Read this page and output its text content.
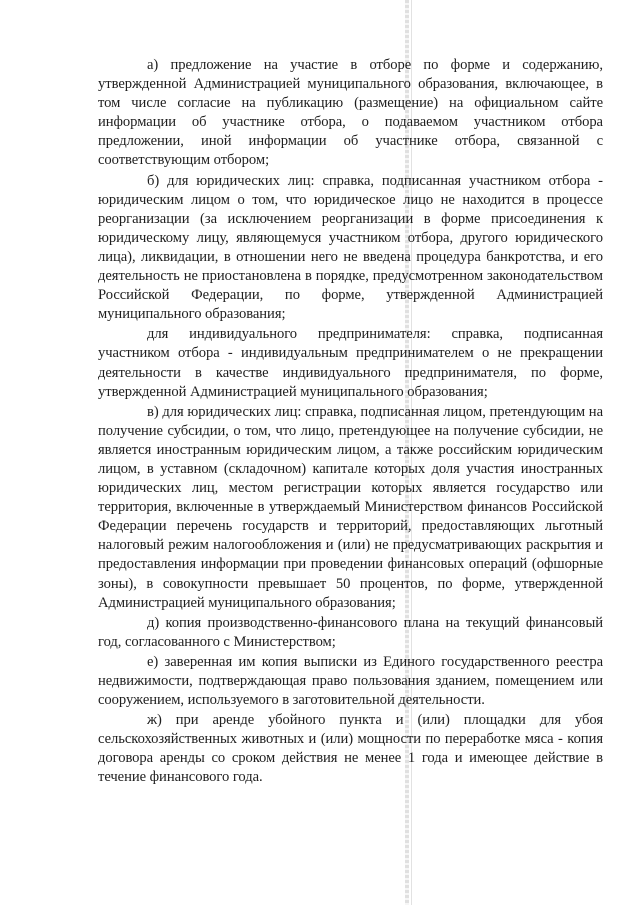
а) предложение на участие в отборе по форме и содержанию, утвержденной Администрацией муниципального образования, включающее, в том числе согласие на публикацию (размещение) на официальном сайте информации об участнике отбора, о подаваемом участником отбора предложении, иной информации об участнике отбора, связанной с соответствующим отбором;

б) для юридических лиц: справка, подписанная участником отбора - юридическим лицом о том, что юридическое лицо не находится в процессе реорганизации (за исключением реорганизации в форме присоединения к юридическому лицу, являющемуся участником отбора, другого юридического лица), ликвидации, в отношении него не введена процедура банкротства, и его деятельность не приостановлена в порядке, предусмотренном законодательством Российской Федерации, по форме, утвержденной Администрацией муниципального образования;

для индивидуального предпринимателя: справка, подписанная участником отбора - индивидуальным предпринимателем о не прекращении деятельности в качестве индивидуального предпринимателя, по форме, утвержденной Администрацией муниципального образования;

в) для юридических лиц: справка, подписанная лицом, претендующим на получение субсидии, о том, что лицо, претендующее на получение субсидии, не является иностранным юридическим лицом, а также российским юридическим лицом, в уставном (складочном) капитале которых доля участия иностранных юридических лиц, местом регистрации которых является государство или территория, включенные в утверждаемый Министерством финансов Российской Федерации перечень государств и территорий, предоставляющих льготный налоговый режим налогообложения и (или) не предусматривающих раскрытия и предоставления информации при проведении финансовых операций (офшорные зоны), в совокупности превышает 50 процентов, по форме, утвержденной Администрацией муниципального образования;

д) копия производственно-финансового плана на текущий финансовый год, согласованного с Министерством;

е) заверенная им копия выписки из Единого государственного реестра недвижимости, подтверждающая право пользования зданием, помещением или сооружением, используемого в заготовительной деятельности.

ж) при аренде убойного пункта и (или) площадки для убоя сельскохозяйственных животных и (или) мощности по переработке мяса - копия договора аренды со сроком действия не менее 1 года и имеющее действие в течение финансового года.
